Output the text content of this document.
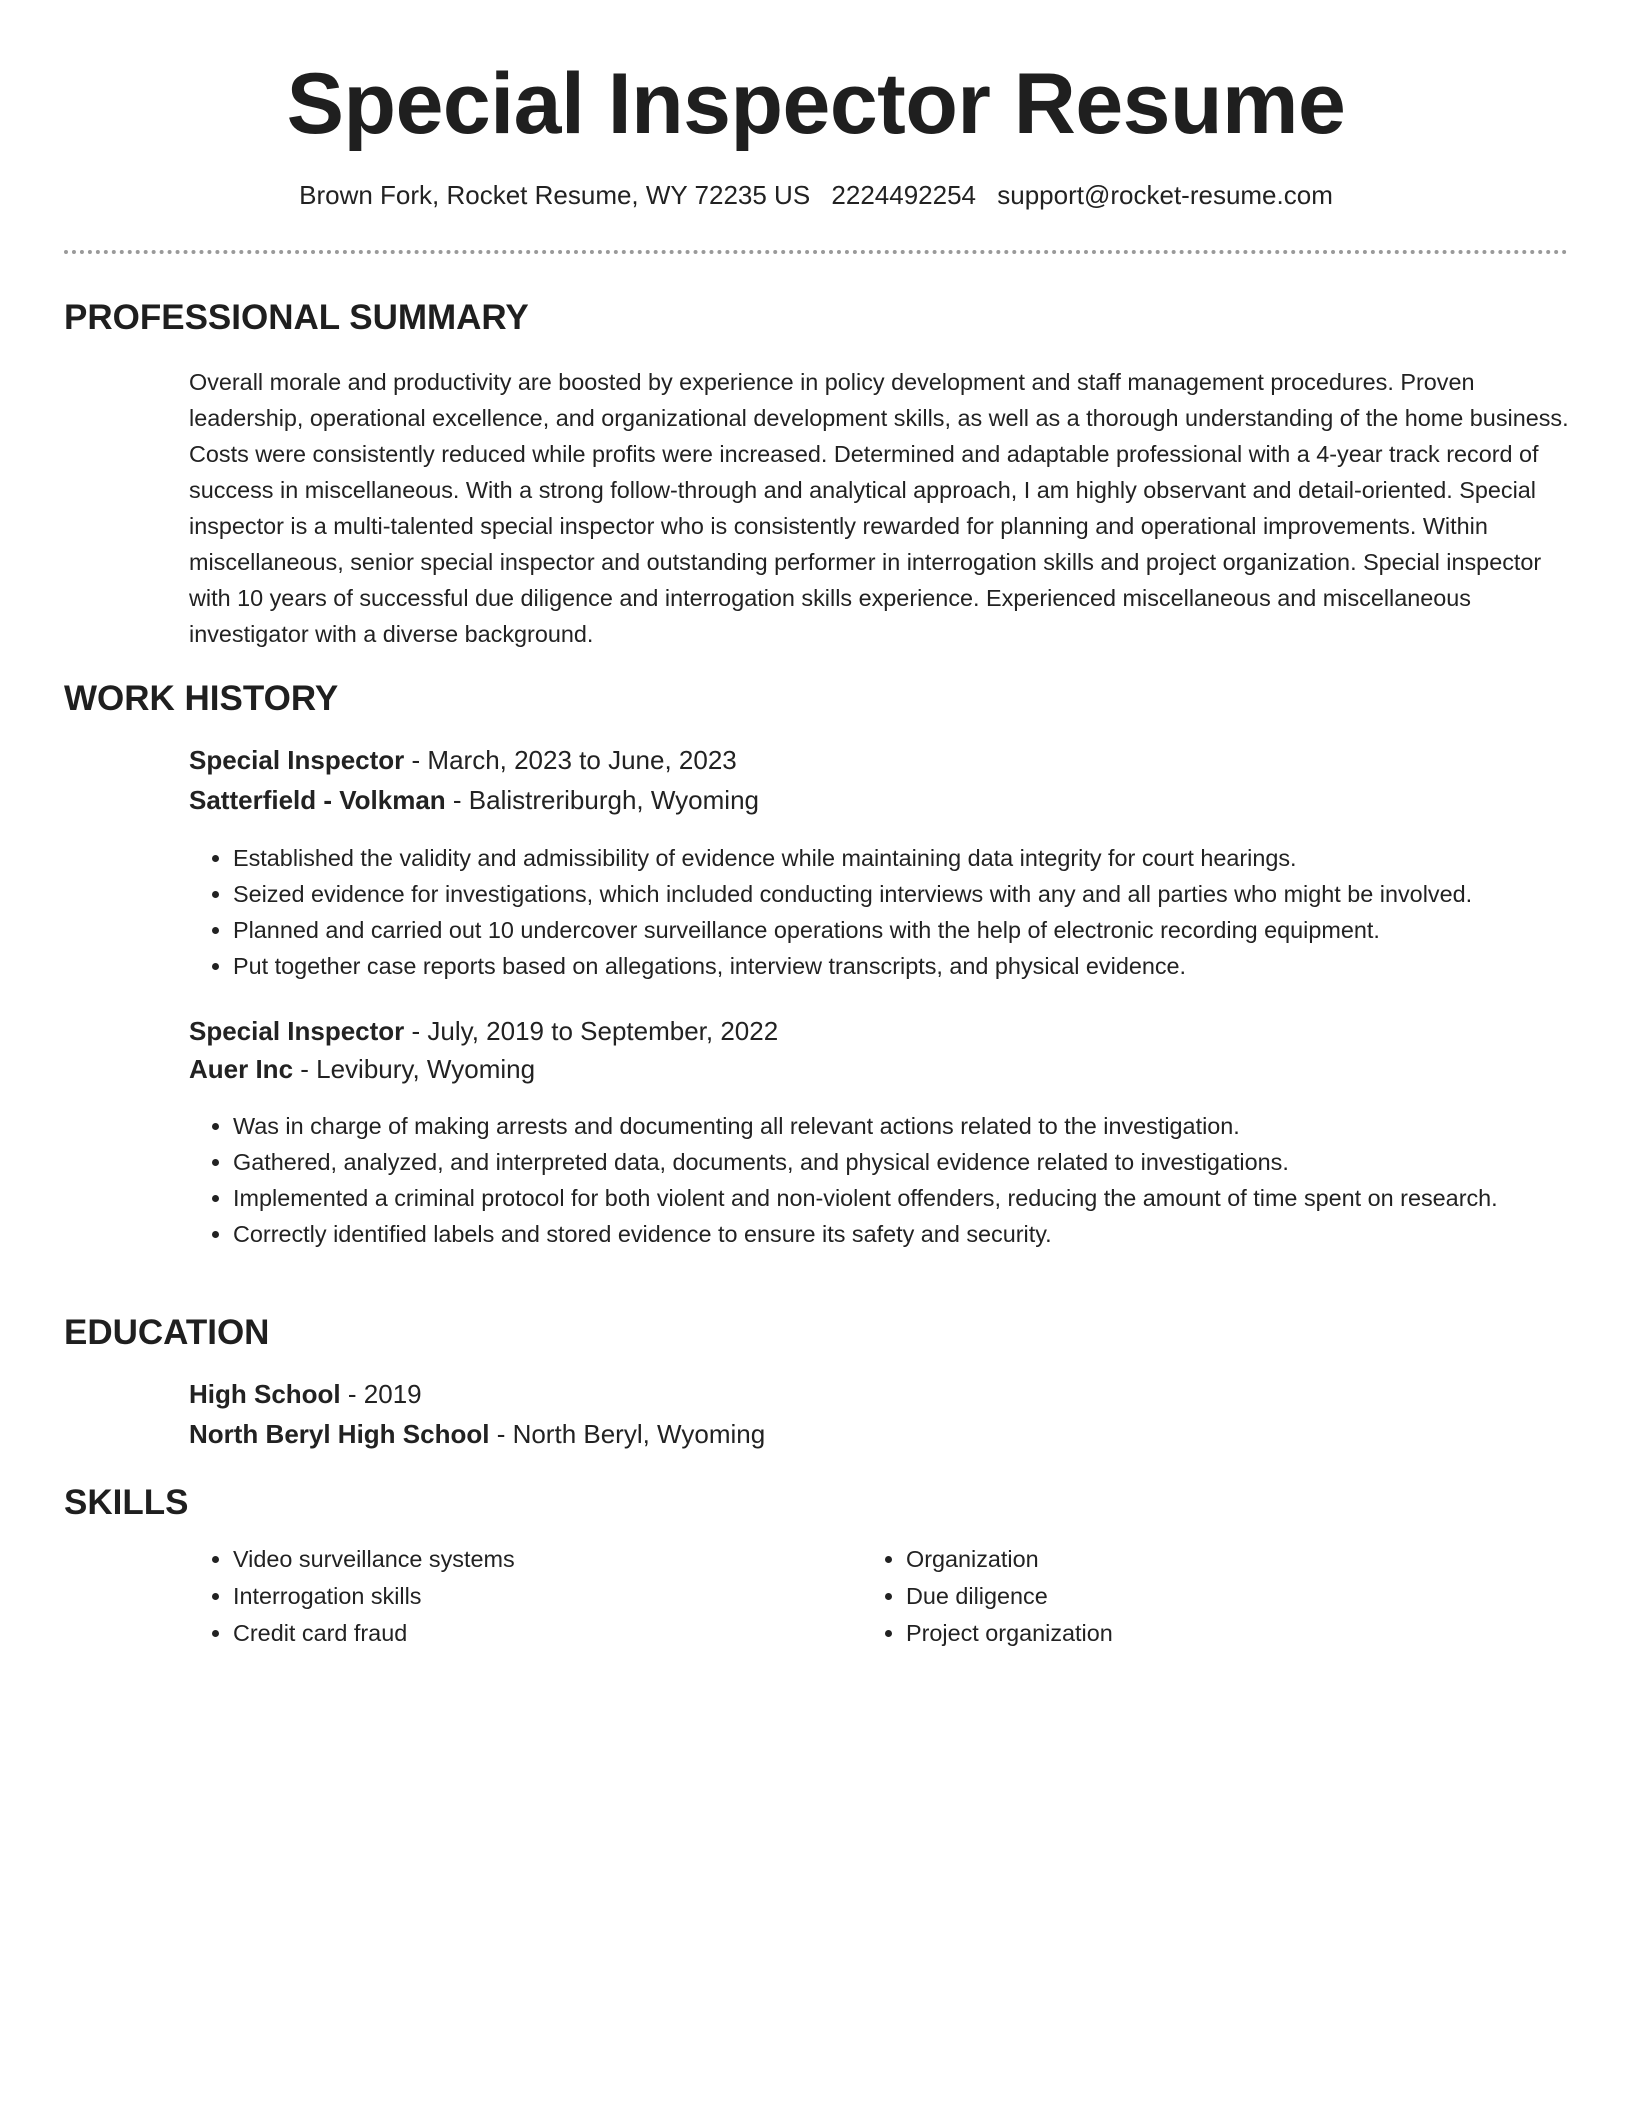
Special Inspector Resume
Brown Fork, Rocket Resume, WY 72235 US 2224492254 support@rocket-resume.com
PROFESSIONAL SUMMARY

Overall morale and productivity are boosted by experience in policy development and staff management procedures. Proven leadership, operational excellence, and organizational development skills, as well as a thorough understanding of the home business. Costs were consistently reduced while profits were increased. Determined and adaptable professional with a 4-year track record of success in miscellaneous. With a strong follow-through and analytical approach, I am highly observant and detail-oriented. Special inspector is a multi-talented special inspector who is consistently rewarded for planning and operational improvements. Within miscellaneous, senior special inspector and outstanding performer in interrogation skills and project organization. Special inspector with 10 years of successful due diligence and interrogation skills experience. Experienced miscellaneous and miscellaneous investigator with a diverse background.

WORK HISTORY
Special Inspector - March, 2023 to June, 2023
Satterfield - Volkman - Balistreriburgh, Wyoming
• Established the validity and admissibility of evidence while maintaining data integrity for court hearings.
• Seized evidence for investigations, which included conducting interviews with any and all parties who might be involved.
• Planned and carried out 10 undercover surveillance operations with the help of electronic recording equipment.
• Put together case reports based on allegations, interview transcripts, and physical evidence.
Special Inspector - July, 2019 to September, 2022
Auer Inc - Levibury, Wyoming
• Was in charge of making arrests and documenting all relevant actions related to the investigation.
• Gathered, analyzed, and interpreted data, documents, and physical evidence related to investigations.
• Implemented a criminal protocol for both violent and non-violent offenders, reducing the amount of time spent on research.
• Correctly identified labels and stored evidence to ensure its safety and security.
EDUCATION
High School - 2019
North Beryl High School - North Beryl, Wyoming
SKILLS
• Video surveillance systems
• Interrogation skills
• Credit card fraud
• Organization
• Due diligence
• Project organization
